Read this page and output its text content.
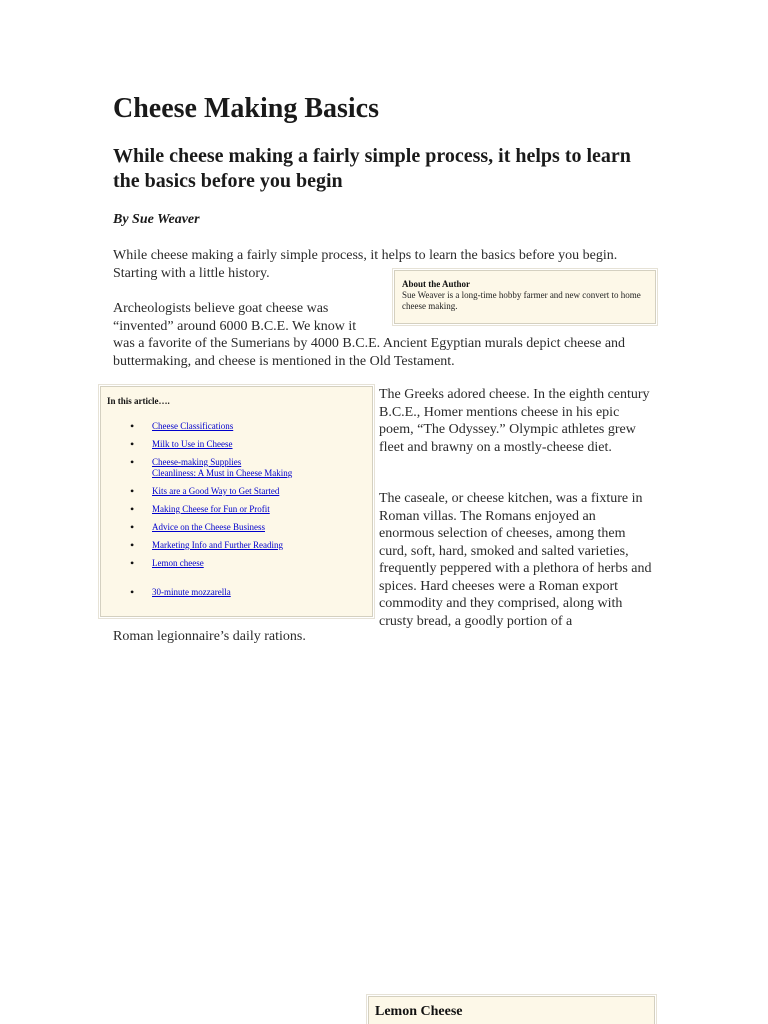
Cheese Making Basics
While cheese making a fairly simple process, it helps to learn the basics before you begin

By Sue Weaver

While cheese making a fairly simple process, it helps to learn the basics before you begin. Starting with a little history.

Archeologists believe goat cheese was “invented” around 6000 B.C.E. We know it was a favorite of the Sumerians by 4000 B.C.E. Ancient Egyptian murals depict cheese and buttermaking, and cheese is mentioned in the Old Testament.

About the Author
Sue Weaver is a long-time hobby farmer and new convert to home cheese making.
In this article….
• Cheese Classifications
• Milk to Use in Cheese
• Cheese-making Supplies
Cleanliness: A Must in Cheese Making
• Kits are a Good Way to Get Started
• Making Cheese for Fun or Profit
• Advice on the Cheese Business
• Marketing Info and Further Reading
• Lemon cheese
• 30-minute mozzarella

The Greeks adored cheese. In the eighth century B.C.E., Homer mentions cheese in his epic poem, “The Odyssey.” Olympic athletes grew fleet and brawny on a mostly-cheese diet.

The caseale, or cheese kitchen, was a fixture in Roman villas. The Romans enjoyed an enormous selection of cheeses, among them curd, soft, hard, smoked and salted varieties, frequently peppered with a plethora of herbs and spices. Hard cheeses were a Roman export commodity and they comprised, along with crusty bread, a goodly portion of a

Roman legionnaire’s daily rations.

Lemon Cheese
